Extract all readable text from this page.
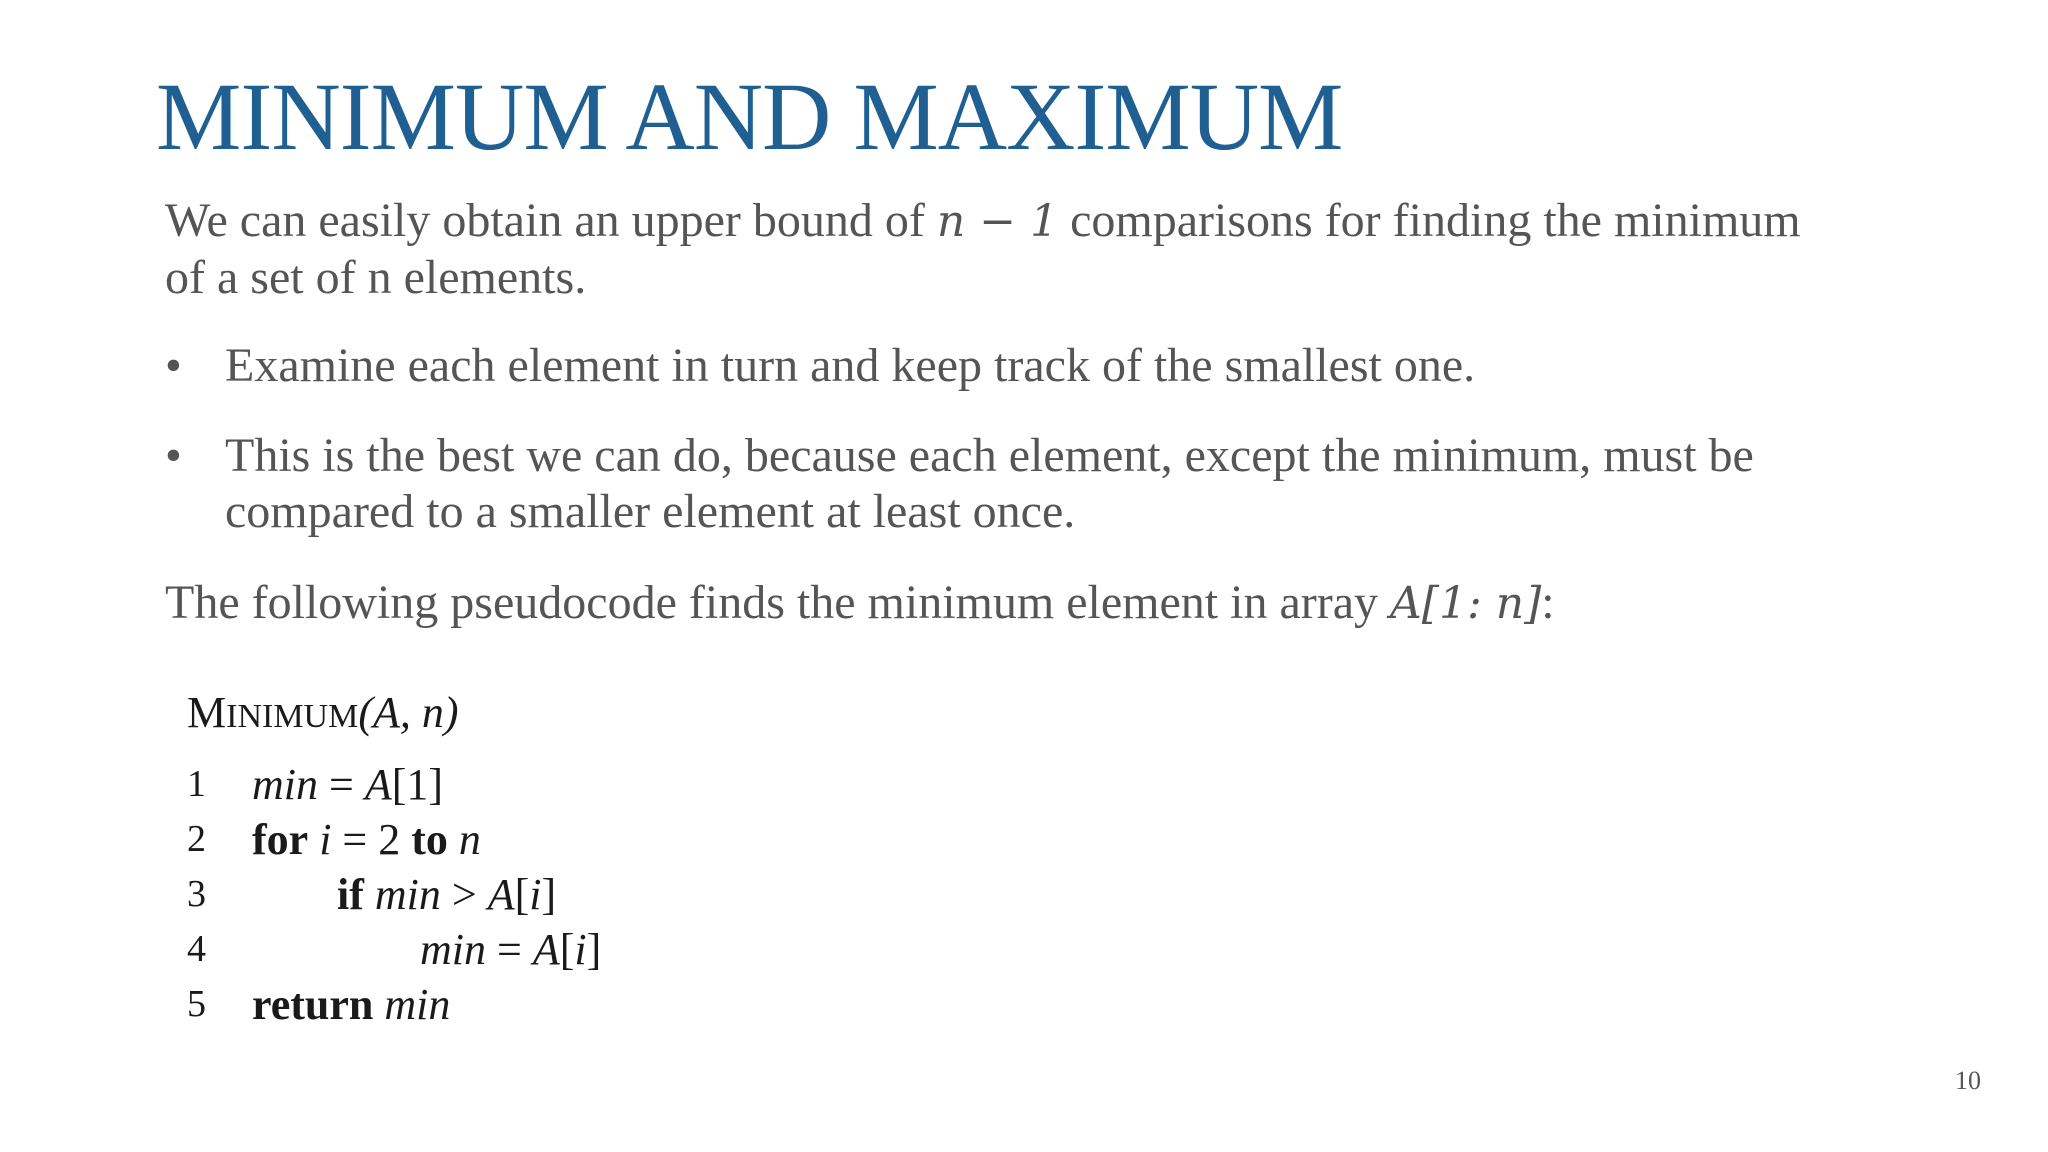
MINIMUM AND MAXIMUM
We can easily obtain an upper bound of n − 1 comparisons for finding the minimum
of a set of n elements.
• Examine each element in turn and keep track of the smallest one.
• This is the best we can do, because each element, except the minimum, must be
compared to a smaller element at least once.
The following pseudocode finds the minimum element in array A[1: n]:
MINIMUM(A, n)
1 min = A[1]
2 for i = 2 to n
3	if min > A[i]
4	min = A[i]
5 return min
10
